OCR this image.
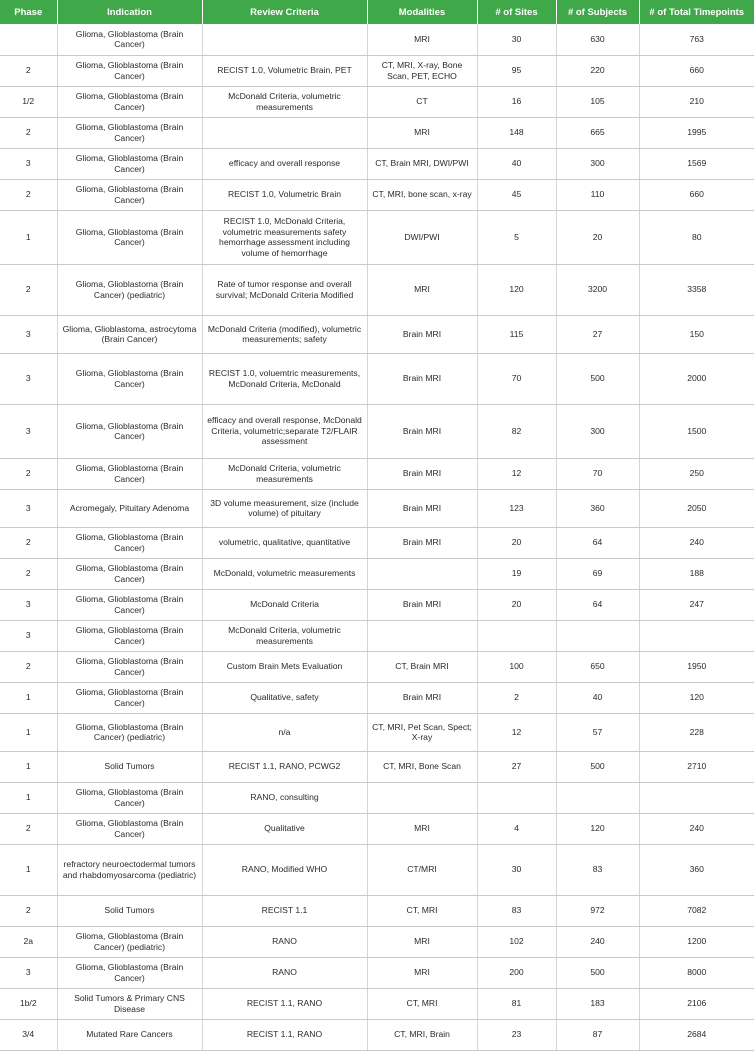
Phase	Indication	Review Criteria	Modalities	# of Sites	# of Subjects	# of Total Timepoints
	Glioma, Glioblastoma (Brain Cancer)		MRI	30	630	763
2	Glioma, Glioblastoma (Brain Cancer)	RECIST 1.0, Volumetric Brain, PET	CT, MRI, X-ray, Bone Scan, PET, ECHO	95	220	660
1/2	Glioma, Glioblastoma (Brain Cancer)	McDonald Criteria, volumetric measurements	CT	16	105	210
2	Glioma, Glioblastoma (Brain Cancer)		MRI	148	665	1995
3	Glioma, Glioblastoma (Brain Cancer)	efficacy and overall response	CT, Brain MRI, DWI/PWI	40	300	1569
2	Glioma, Glioblastoma (Brain Cancer)	RECIST 1.0, Volumetric Brain	CT, MRI, bone scan, x-ray	45	110	660
1	Glioma, Glioblastoma (Brain Cancer)	RECIST 1.0, McDonald Criteria, volumetric measurements safety hemorrhage assessment including volume of hemorrhage	DWI/PWI	5	20	80
2	Glioma, Glioblastoma (Brain Cancer) (pediatric)	Rate of tumor response and overall survival; McDonald Criteria Modified	MRI	120	3200	3358
3	Glioma, Glioblastoma, astrocytoma (Brain Cancer)	McDonald Criteria (modified), volumetric measurements; safety	Brain MRI	115	27	150
3	Glioma, Glioblastoma (Brain Cancer)	RECIST 1.0, voluemtric measurements, McDonald Criteria, McDonald	Brain MRI	70	500	2000
3	Glioma, Glioblastoma (Brain Cancer)	efficacy and overall response, McDonald Criteria, volumetric;separate T2/FLAIR assessment	Brain MRI	82	300	1500
2	Glioma, Glioblastoma (Brain Cancer)	McDonald Criteria, volumetric measurements	Brain MRI	12	70	250
3	Acromegaly, Pituitary Adenoma	3D volume measurement, size (include volume) of pituitary	Brain MRI	123	360	2050
2	Glioma, Glioblastoma (Brain Cancer)	volumetric, qualitative, quantitative	Brain MRI	20	64	240
2	Glioma, Glioblastoma (Brain Cancer)	McDonald, volumetric measurements		19	69	188
3	Glioma, Glioblastoma (Brain Cancer)	McDonald Criteria	Brain MRI	20	64	247
3	Glioma, Glioblastoma (Brain Cancer)	McDonald Criteria, volumetric measurements				
2	Glioma, Glioblastoma (Brain Cancer)	Custom Brain Mets Evaluation	CT, Brain MRI	100	650	1950
1	Glioma, Glioblastoma (Brain Cancer)	Qualitative, safety	Brain MRI	2	40	120
1	Glioma, Glioblastoma (Brain Cancer) (pediatric)	n/a	CT, MRI, Pet Scan, Spect; X-ray	12	57	228
1	Solid Tumors	RECIST 1.1, RANO, PCWG2	CT, MRI, Bone Scan	27	500	2710
1	Glioma, Glioblastoma (Brain Cancer)	RANO, consulting				
2	Glioma, Glioblastoma (Brain Cancer)	Qualitative	MRI	4	120	240
1	refractory neuroectodermal tumors and rhabdomyosarcoma (pediatric)	RANO, Modified WHO	CT/MRI	30	83	360
2	Solid Tumors	RECIST 1.1	CT, MRI	83	972	7082
2a	Glioma, Glioblastoma (Brain Cancer) (pediatric)	RANO	MRI	102	240	1200
3	Glioma, Glioblastoma (Brain Cancer)	RANO	MRI	200	500	8000
1b/2	Solid Tumors & Primary CNS Disease	RECIST 1.1, RANO	CT, MRI	81	183	2106
3/4	Mutated Rare Cancers	RECIST 1.1, RANO	CT, MRI, Brain	23	87	2684
